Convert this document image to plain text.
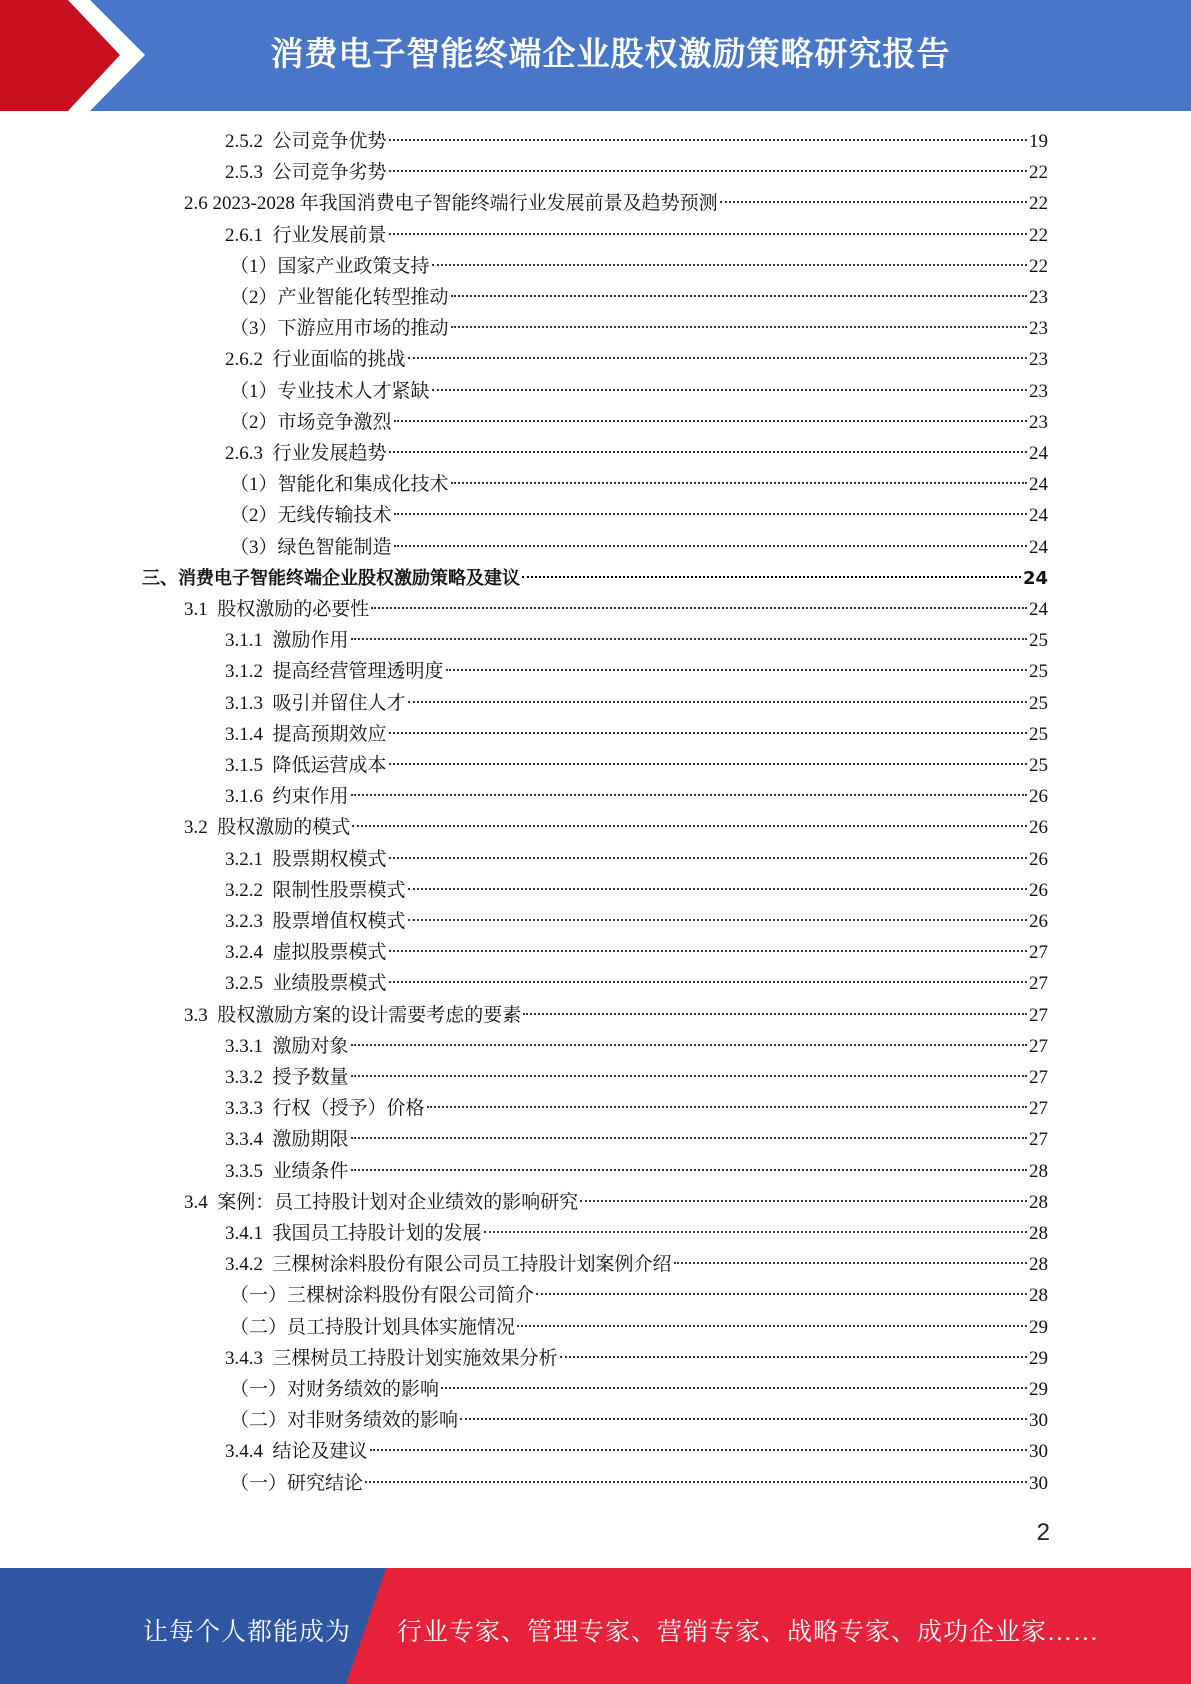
消费电子智能终端企业股权激励策略研究报告
2.5.2  公司竞争优势	19
2.5.3  公司竞争劣势	22
2.6 2023-2028 年我国消费电子智能终端行业发展前景及趋势预测	22
2.6.1  行业发展前景	22
（1）国家产业政策支持	22
（2）产业智能化转型推动	23
（3）下游应用市场的推动	23
2.6.2  行业面临的挑战	23
（1）专业技术人才紧缺	23
（2）市场竞争激烈	23
2.6.3  行业发展趋势	24
（1）智能化和集成化技术	24
（2）无线传输技术	24
（3）绿色智能制造	24
三、消费电子智能终端企业股权激励策略及建议	24
3.1  股权激励的必要性	24
3.1.1  激励作用	25
3.1.2  提高经营管理透明度	25
3.1.3  吸引并留住人才	25
3.1.4  提高预期效应	25
3.1.5  降低运营成本	25
3.1.6  约束作用	26
3.2  股权激励的模式	26
3.2.1  股票期权模式	26
3.2.2  限制性股票模式	26
3.2.3  股票增值权模式	26
3.2.4  虚拟股票模式	27
3.2.5  业绩股票模式	27
3.3  股权激励方案的设计需要考虑的要素	27
3.3.1  激励对象	27
3.3.2  授予数量	27
3.3.3  行权（授予）价格	27
3.3.4  激励期限	27
3.3.5  业绩条件	28
3.4  案例：员工持股计划对企业绩效的影响研究	28
3.4.1  我国员工持股计划的发展	28
3.4.2  三棵树涂料股份有限公司员工持股计划案例介绍	28
（一）三棵树涂料股份有限公司简介	28
（二）员工持股计划具体实施情况	29
3.4.3  三棵树员工持股计划实施效果分析	29
（一）对财务绩效的影响	29
（二）对非财务绩效的影响	30
3.4.4  结论及建议	30
（一）研究结论	30
2
让每个人都能成为 行业专家、管理专家、营销专家、战略专家、成功企业家……
